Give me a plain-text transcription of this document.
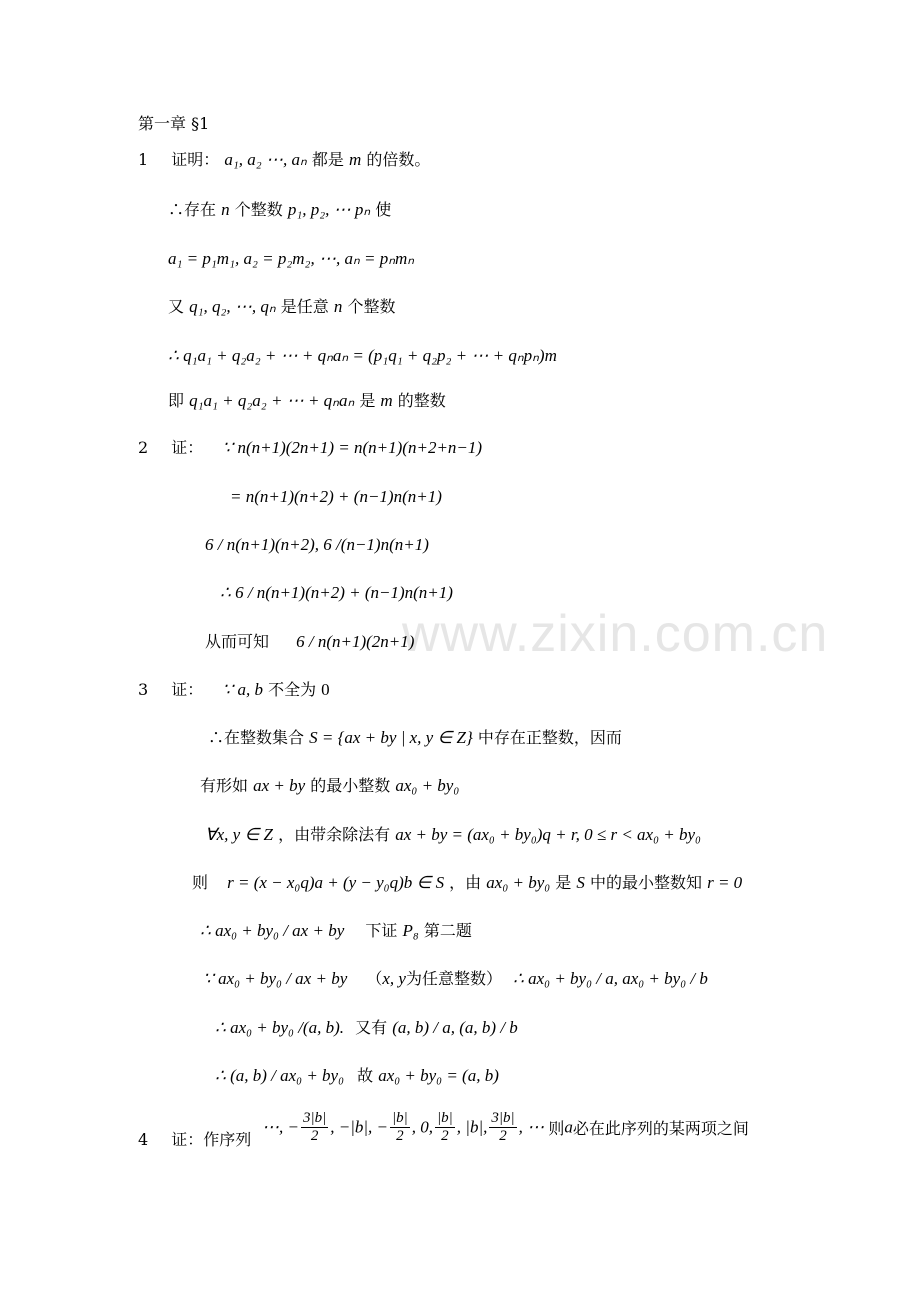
www.zixin.com.cn
第一章 §1
1 证明： a₁, a₂ ⋯, aₙ 都是 m 的倍数。
∴存在 n 个整数 p₁, p₂, ⋯ pₙ 使
a₁ = p₁m₁, a₂ = p₂m₂, ⋯, aₙ = pₙmₙ
又 q₁, q₂, ⋯, qₙ 是任意 n 个整数
∴ q₁a₁ + q₂a₂ + ⋯ + qₙaₙ = (p₁q₁ + q₂p₂ + ⋯ + qₙpₙ)m
即 q₁a₁ + q₂a₂ + ⋯ + qₙaₙ 是 m 的整数
2 证： ∵ n(n+1)(2n+1) = n(n+1)(n+2+n−1)
= n(n+1)(n+2) + (n−1)n(n+1)
6 / n(n+1)(n+2), 6 /(n−1)n(n+1)
∴ 6 / n(n+1)(n+2) + (n−1)n(n+1)
从而可知 6 / n(n+1)(2n+1)
3 证： ∵ a, b 不全为 0
∴在整数集合 S = {ax + by | x, y ∈ Z} 中存在正整数，因而
有形如 ax + by 的最小整数 ax₀ + by₀
∀x, y ∈ Z ，由带余除法有 ax + by = (ax₀ + by₀)q + r, 0 ≤ r < ax₀ + by₀
则 r = (x − x₀q)a + (y − y₀q)b ∈ S ，由 ax₀ + by₀ 是 S 中的最小整数知 r = 0
∴ ax₀ + by₀ / ax + by 下证 P₈ 第二题
∵ ax₀ + by₀ / ax + by （x, y为任意整数） ∴ ax₀ + by₀ / a, ax₀ + by₀ / b
∴ ax₀ + by₀ /(a, b). 又有 (a, b) / a, (a, b) / b
∴ (a, b) / ax₀ + by₀ 故 ax₀ + by₀ = (a, b)
4 证：作序列
⋯, − $\frac{3|b|}{2}$ , −|b|, − $\frac{|b|}{2}$ , 0, $\frac{|b|}{2}$ , |b|, $\frac{3|b|}{2}$ , ⋯ 则a必在此序列的某两项之间
